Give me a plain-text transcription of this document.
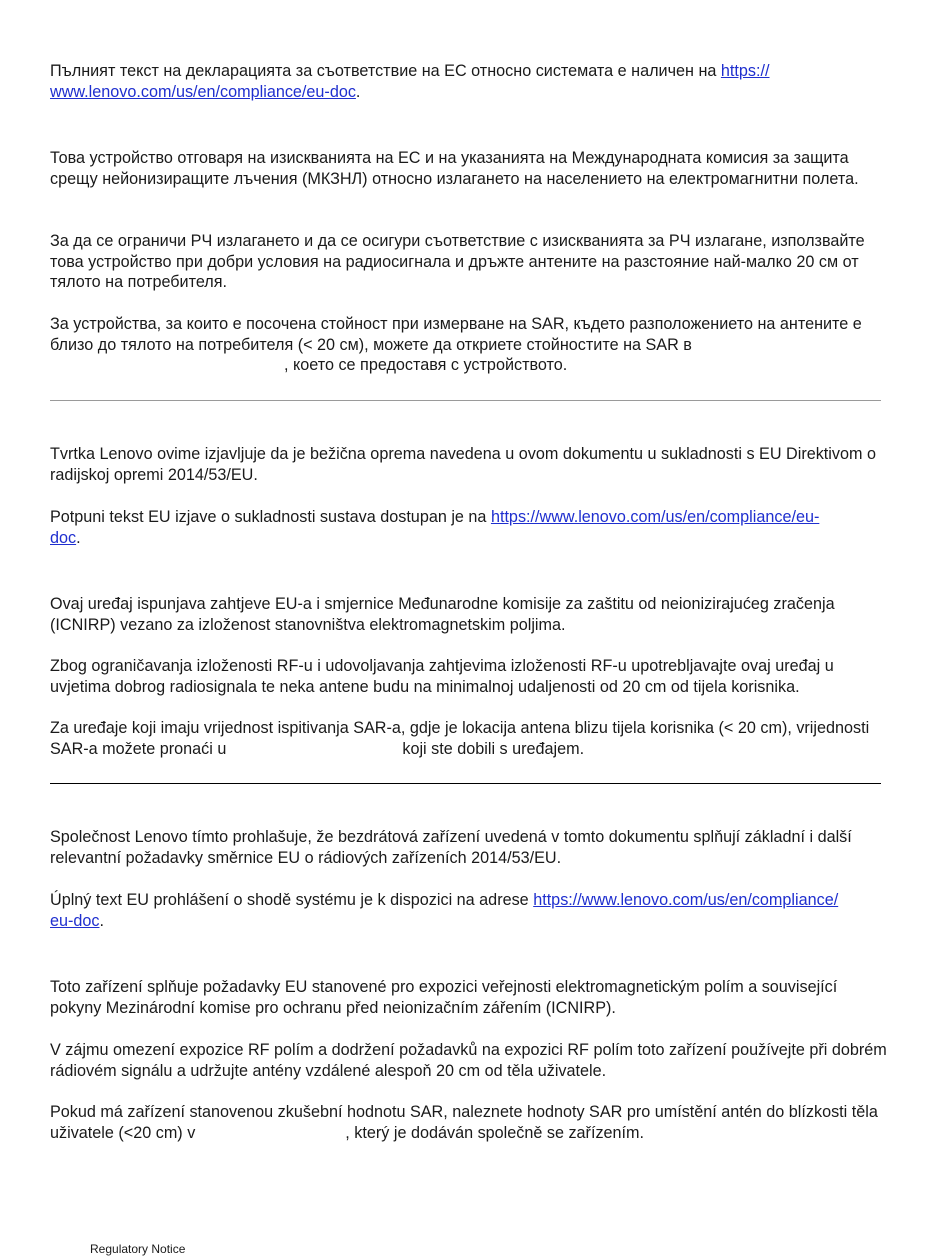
Пълният текст на декларацията за съответствие на ЕС относно системата е наличен на https://
www.lenovo.com/us/en/compliance/eu-doc.

Това устройство отговаря на изискванията на ЕС и на указанията на Международната комисия за защита срещу нейонизиращите лъчения (МКЗНЛ) относно излагането на населението на електромагнитни полета.

За да се ограничи РЧ излагането и да се осигури съответствие с изискванията за РЧ излагане, използвайте това устройство при добри условия на радиосигнала и дръжте антените на разстояние най-малко 20 см от тялото на потребителя.

За устройства, за които е посочена стойност при измерване на SAR, където разположението на антените е близо до тялото на потребителя (< 20 см), можете да откриете стойностите на SAR в, което се предоставя с устройството.

Tvrtka Lenovo ovime izjavljuje da je bežična oprema navedena u ovom dokumentu u sukladnosti s EU Direktivom o radijskoj opremi 2014/53/EU.

Potpuni tekst EU izjave o sukladnosti sustava dostupan je na https://www.lenovo.com/us/en/compliance/eu-
doc.

Ovaj uređaj ispunjava zahtjeve EU-a i smjernice Međunarodne komisije za zaštitu od neionizirajućeg zračenja (ICNIRP) vezano za izloženost stanovništva elektromagnetskim poljima.

Zbog ograničavanja izloženosti RF-u i udovoljavanja zahtjevima izloženosti RF-u upotrebljavajte ovaj uređaj u uvjetima dobrog radiosignala te neka antene budu na minimalnoj udaljenosti od 20 cm od tijela korisnika.

Za uređaje koji imaju vrijednost ispitivanja SAR-a, gdje je lokacija antena blizu tijela korisnika (< 20 cm), vrijednosti SAR-a možete pronaći u	koji ste dobili s uređajem.

Společnost Lenovo tímto prohlašuje, že bezdrátová zařízení uvedená v tomto dokumentu splňují základní i další relevantní požadavky směrnice EU o rádiových zařízeních 2014/53/EU.

Úplný text EU prohlášení o shodě systému je k dispozici na adrese https://www.lenovo.com/us/en/compliance/
eu-doc.

Toto zařízení splňuje požadavky EU stanovené pro expozici veřejnosti elektromagnetickým polím a související pokyny Mezinárodní komise pro ochranu před neionizačním zářením (ICNIRP).

V zájmu omezení expozice RF polím a dodržení požadavků na expozici RF polím toto zařízení používejte při dobrém rádiovém signálu a udržujte antény vzdálené alespoň 20 cm od těla uživatele.

Pokud má zařízení stanovenou zkušební hodnotu SAR, naleznete hodnoty SAR pro umístění antén do blízkosti těla uživatele (<20 cm) v	, který je dodáván společně se zařízením.

Regulatory Notice
